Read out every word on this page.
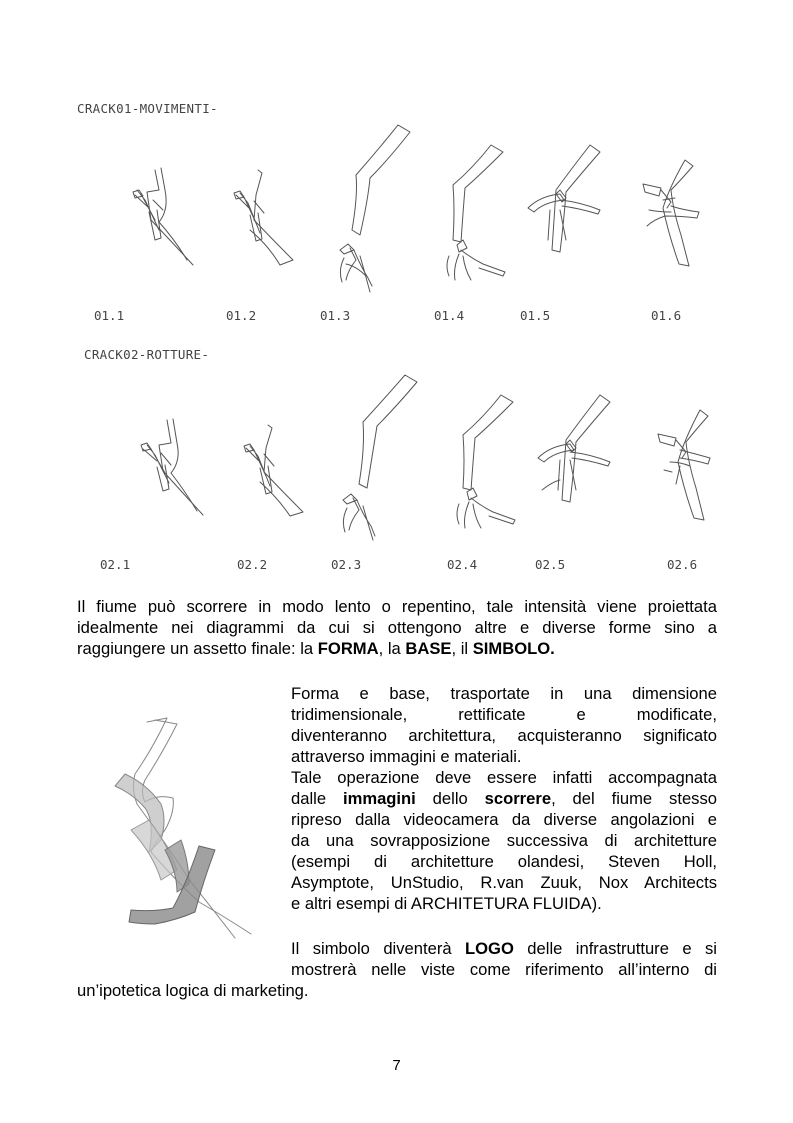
CRACK01-MOVIMENTI-
01.1	01.2	01.3	01.4	01.5	01.6
CRACK02-ROTTURE-
02.1	02.2	02.3	02.4	02.5	02.6
Il fiume può scorrere in modo lento o repentino, tale intensità viene proiettata
idealmente nei diagrammi da cui si ottengono altre e diverse forme sino a
raggiungere un assetto finale: la FORMA, la BASE, il SIMBOLO.
Forma e base, trasportate in una dimensione
tridimensionale, rettificate e modificate,
diventeranno architettura, acquisteranno significato
attraverso immagini e materiali.
Tale operazione deve essere infatti accompagnata
dalle immagini dello scorrere, del fiume stesso
ripreso dalla videocamera da diverse angolazioni e
da una sovrapposizione successiva di architetture
(esempi di architetture olandesi, Steven Holl,
Asymptote, UnStudio, R.van Zuuk, Nox Architects
e altri esempi di ARCHITETURA FLUIDA).
Il simbolo diventerà LOGO delle infrastrutture e si
mostrerà nelle viste come riferimento all’interno di
un’ipotetica logica di marketing.
7
